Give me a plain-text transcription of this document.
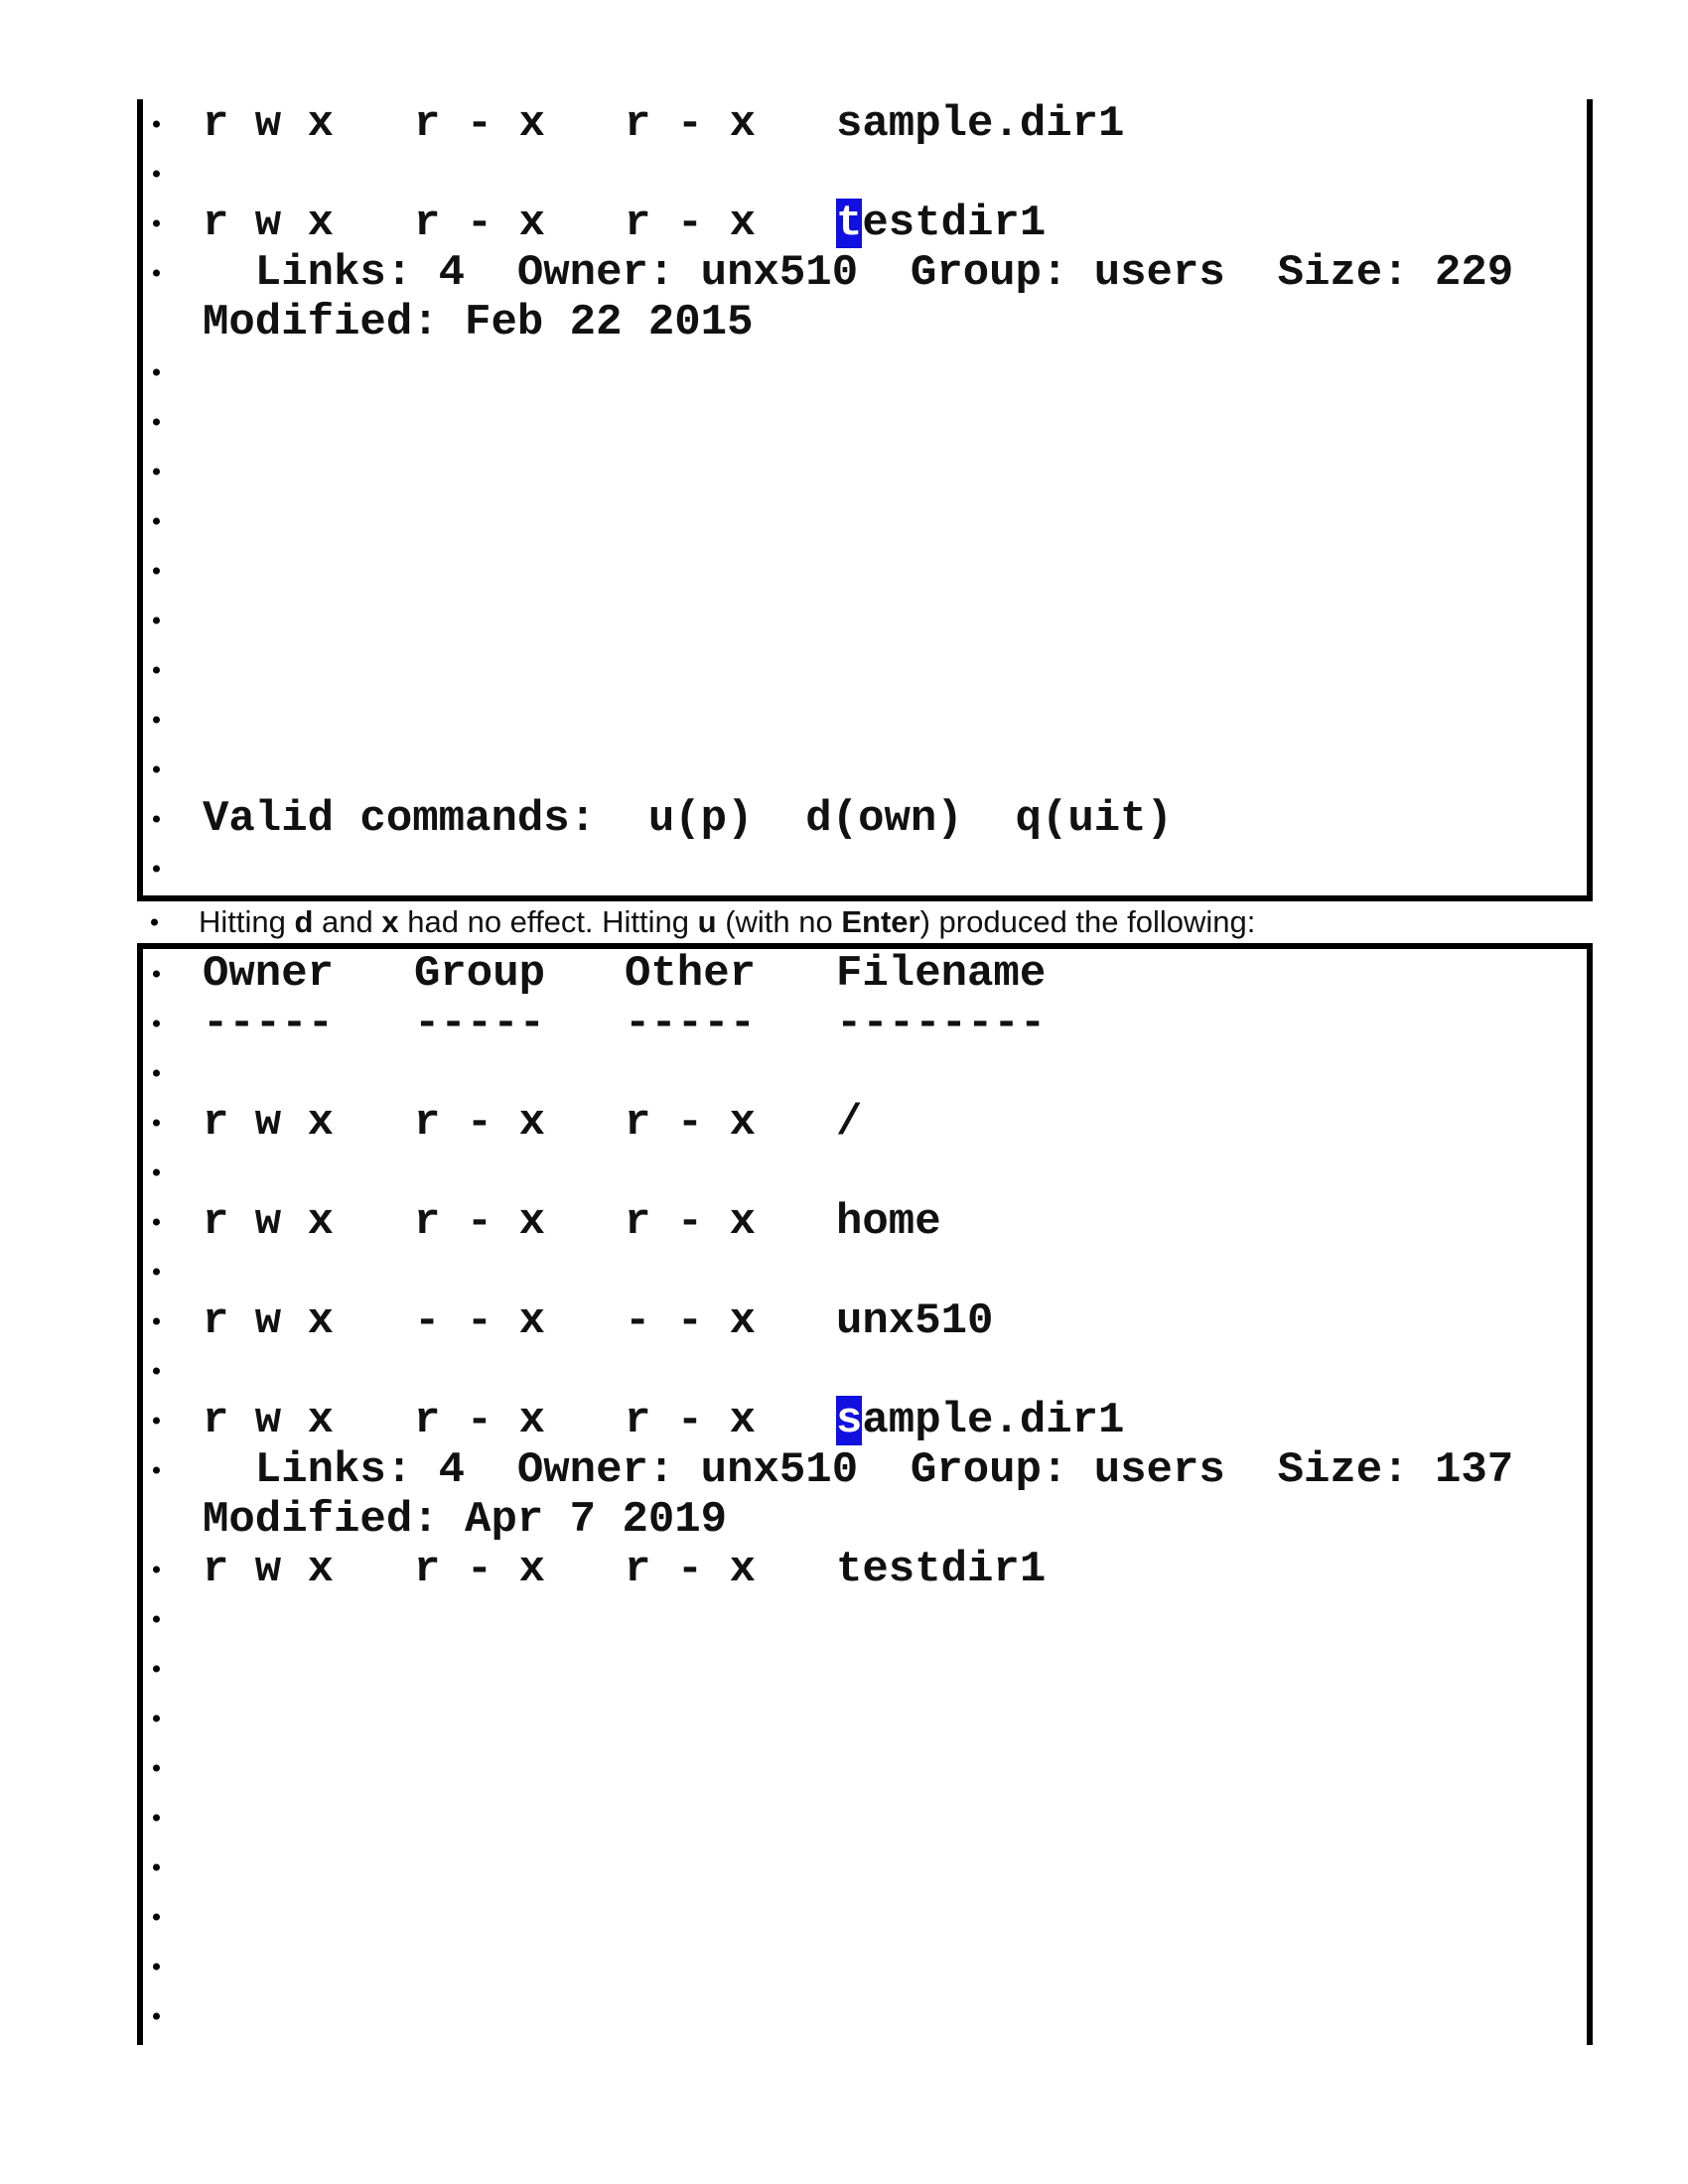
r w x

r - x

r - x

sample.dir1

r w x

r - x

r - x

testdir1

Links: 4  Owner: unx510  Group: users  Size: 229
Modified: Feb 22 2015
Valid commands:  u(p)  d(own)  q(uit)

Hitting d and x had no effect. Hitting u (with no Enter) produced the following:

Owner

Group

Other

Filename

-----

-----

-----

--------

r w x

r - x

r - x

/

r w x

r - x

r - x

home

r w x

- - x

- - x

unx510

r w x

r - x

r - x

sample.dir1

Links: 4  Owner: unx510  Group: users  Size: 137
Modified: Apr 7 2019

r w x

r - x

r - x

testdir1
